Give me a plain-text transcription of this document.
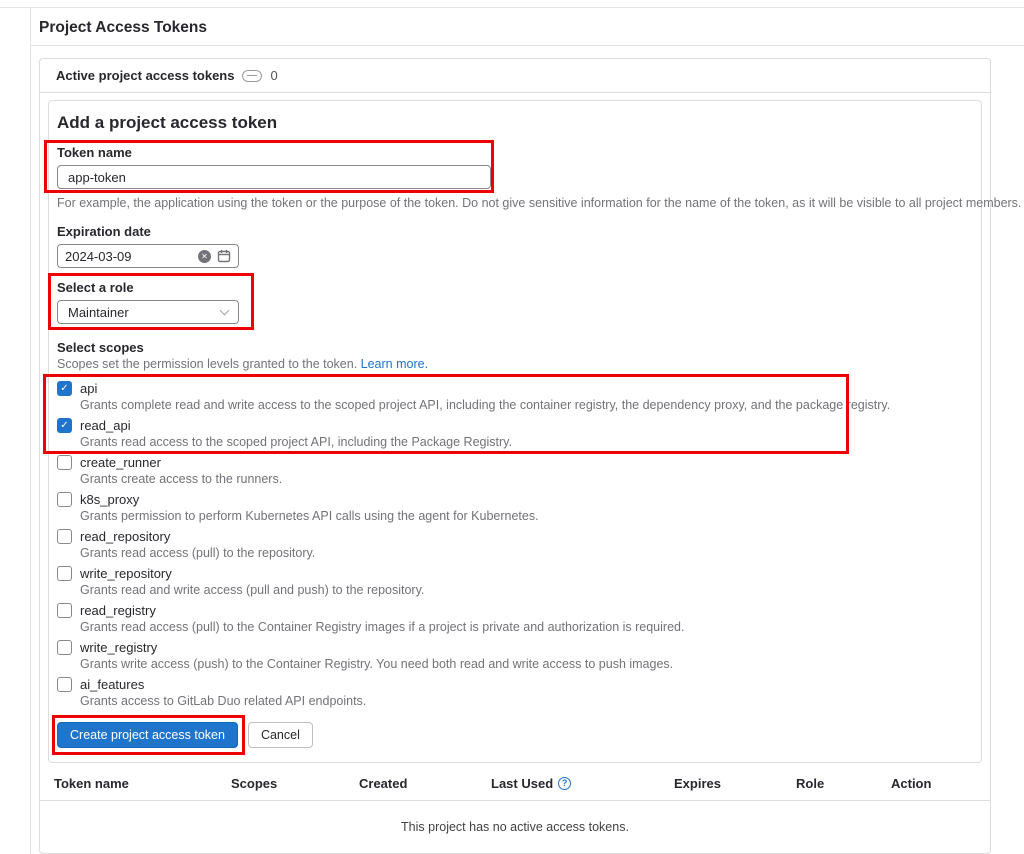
Project Access Tokens
Active project access tokens	0
Add a project access token
Token name
app-token
For example, the application using the token or the purpose of the token. Do not give sensitive information for the name of the token, as it will be visible to all project members.
Expiration date
2024-03-09
✕
Select a role
Maintainer
Select scopes
Scopes set the permission levels granted to the token. Learn more.
✓ api
Grants complete read and write access to the scoped project API, including the container registry, the dependency proxy, and the package registry.
✓ read_api
Grants read access to the scoped project API, including the Package Registry.
create_runner
Grants create access to the runners.
k8s_proxy
Grants permission to perform Kubernetes API calls using the agent for Kubernetes.
read_repository
Grants read access (pull) to the repository.
write_repository
Grants read and write access (pull and push) to the repository.
read_registry
Grants read access (pull) to the Container Registry images if a project is private and authorization is required.
write_registry
Grants write access (push) to the Container Registry. You need both read and write access to push images.
ai_features
Grants access to GitLab Duo related API endpoints.
Create project access token	Cancel
Token name	Scopes	Created	Last Used ?	Expires	Role	Action
This project has no active access tokens.
